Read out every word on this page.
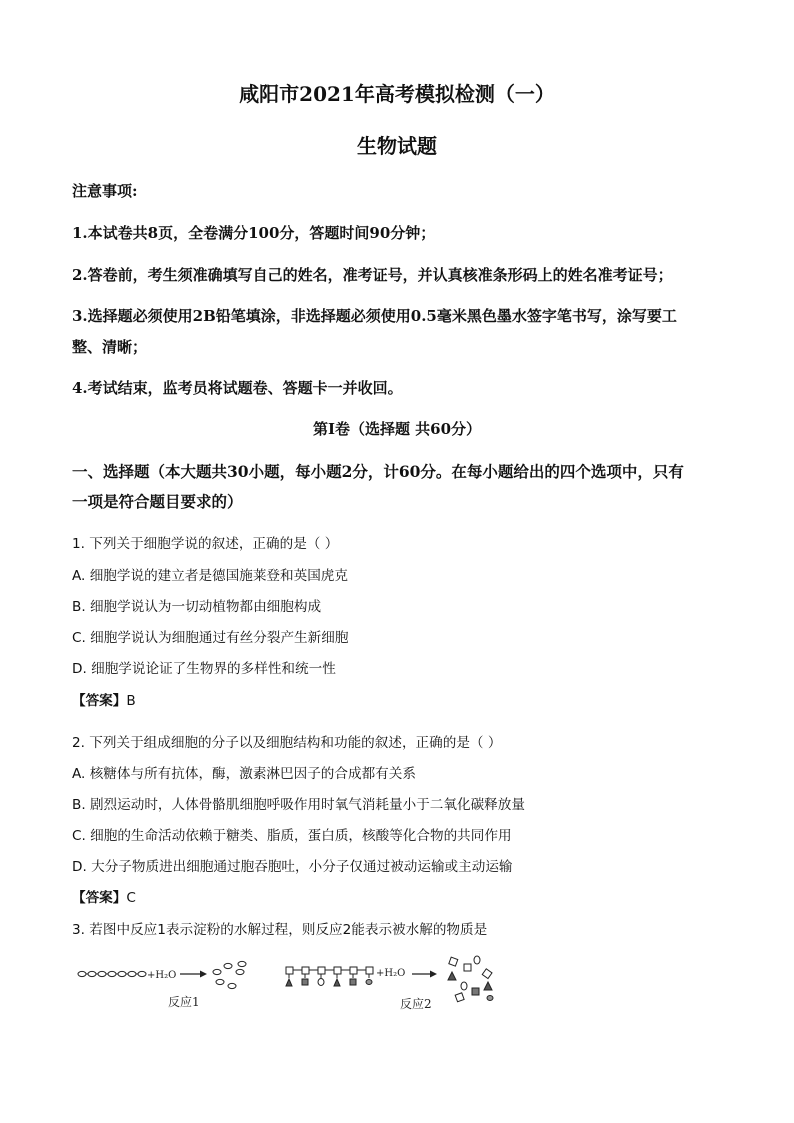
咸阳市2021年高考模拟检测（一）
生物试题
注意事项:
1.本试卷共8页，全卷满分100分，答题时间90分钟；
2.答卷前，考生须准确填写自己的姓名，准考证号，并认真核准条形码上的姓名准考证号；
3.选择题必须使用2B铅笔填涂，非选择题必须使用0.5毫米黑色墨水签字笔书写，涂写要工
整、清晰；
4.考试结束，监考员将试题卷、答题卡一并收回。
第Ⅰ卷（选择题 共60分）
一、选择题（本大题共30小题，每小题2分，计60分。在每小题给出的四个选项中，只有
一项是符合题目要求的）
1. 下列关于细胞学说的叙述，正确的是（ ）
A. 细胞学说的建立者是德国施莱登和英国虎克
B. 细胞学说认为一切动植物都由细胞构成
C. 细胞学说认为细胞通过有丝分裂产生新细胞
D. 细胞学说论证了生物界的多样性和统一性
【答案】B
2. 下列关于组成细胞的分子以及细胞结构和功能的叙述，正确的是（ ）
A. 核糖体与所有抗体，酶，激素淋巴因子的合成都有关系
B. 剧烈运动时，人体骨骼肌细胞呼吸作用时氧气消耗量小于二氧化碳释放量
C. 细胞的生命活动依赖于糖类、脂质，蛋白质，核酸等化合物的共同作用
D. 大分子物质进出细胞通过胞吞胞吐，小分子仅通过被动运输或主动运输
【答案】C
3. 若图中反应1表示淀粉的水解过程，则反应2能表示被水解的物质是
+H₂O
反应1
+H₂O
反应2
